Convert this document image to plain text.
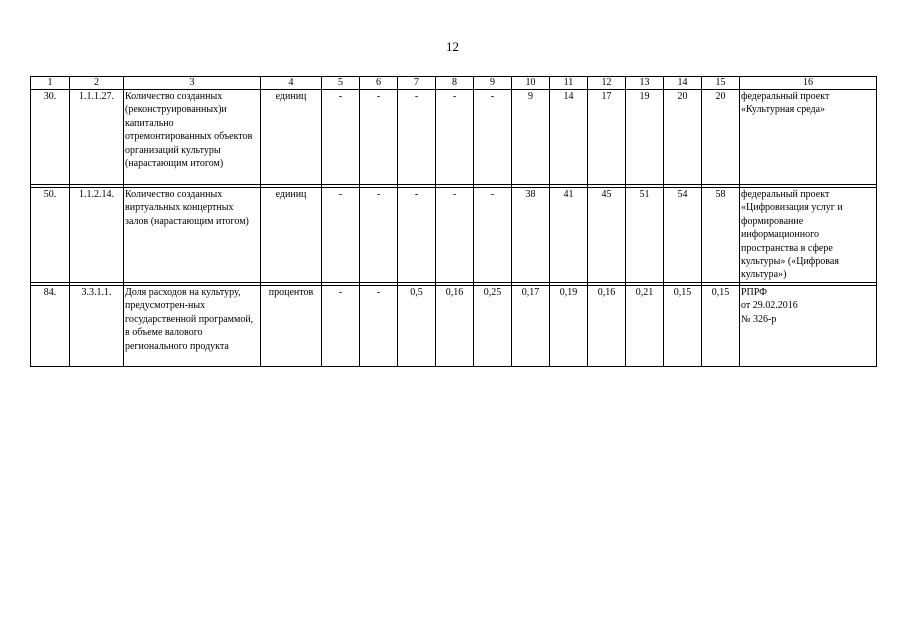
12
1	2	3	4	5	6	7	8	9	10	11	12	13	14	15	16
30.	1.1.1.27.	Количество созданных (реконструированных)и капитально отремонтированных объектов организаций культуры (нарастающим итогом)	единиц	-	-	-	-	-	9	14	17	19	20	20	федеральный проект «Культурная среда»

50.	1.1.2.14.	Количество созданных виртуальных концертных залов (нарастающим итогом)	единиц	-	-	-	-	-	38	41	45	51	54	58	федеральный проект «Цифровизация услуг и формирование информационного пространства в сфере культуры» («Цифровая культура»)

84.	3.3.1.1.	Доля расходов на культуру, предусмотрен-ных государственной программой, в объеме валового регионального продукта	процентов	-	-	0,5	0,16	0,25	0,17	0,19	0,16	0,21	0,15	0,15	РПРФ
от 29.02.2016
№ 326-р
